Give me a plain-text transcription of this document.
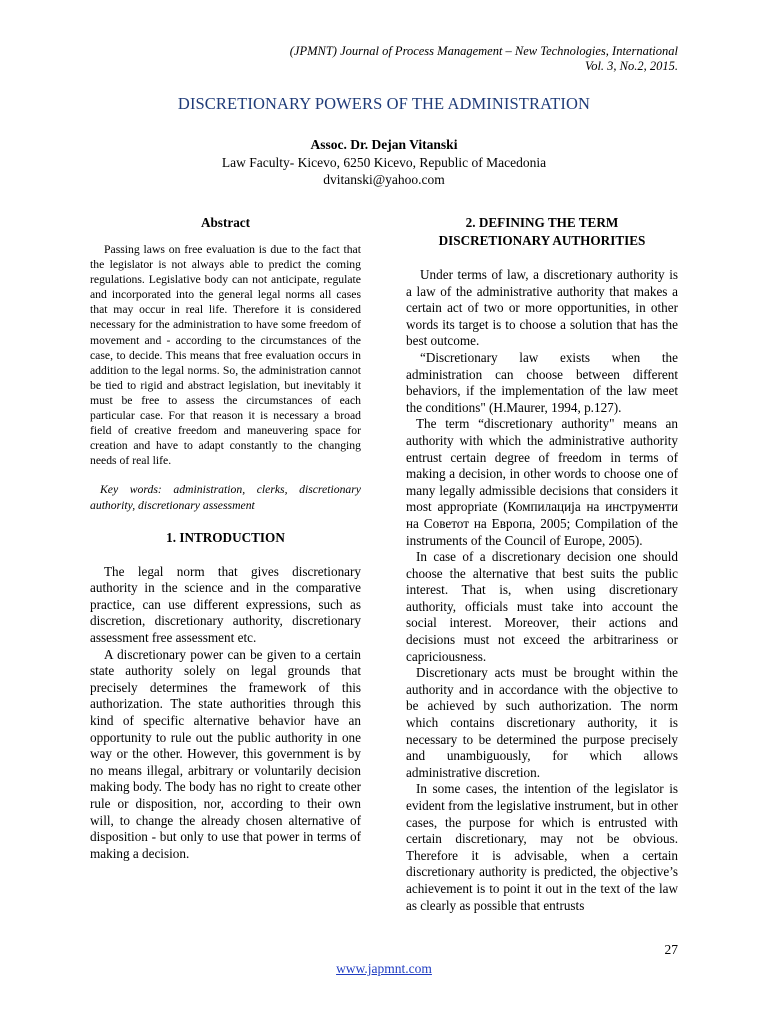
(JPMNT) Journal of Process Management – New Technologies, International
Vol. 3, No.2, 2015.
DISCRETIONARY POWERS OF THE ADMINISTRATION
Assoc. Dr. Dejan Vitanski
Law Faculty- Kicevo, 6250 Kicevo, Republic of Macedonia
dvitanski@yahoo.com
Abstract

Passing laws on free evaluation is due to the fact that the legislator is not always able to predict the coming regulations. Legislative body can not anticipate, regulate and incorporated into the general legal norms all cases that may occur in real life. Therefore it is considered necessary for the administration to have some freedom of movement and - according to the circumstances of the case, to decide. This means that free evaluation occurs in addition to the legal norms. So, the administration cannot be tied to rigid and abstract legislation, but inevitably it must be free to assess the circumstances of each particular case. For that reason it is necessary a broad field of creative freedom and maneuvering space for creation and have to adapt constantly to the changing needs of real life.

Key words: administration, clerks, discretionary authority, discretionary assessment

1. INTRODUCTION

The legal norm that gives discretionary authority in the science and in the comparative practice, can use different expressions, such as discretion, discretionary authority, discretionary assessment free assessment etc.

A discretionary power can be given to a certain state authority solely on legal grounds that precisely determines the framework of this authorization. The state authorities through this kind of specific alternative behavior have an opportunity to rule out the public authority in one way or the other. However, this government is by no means illegal, arbitrary or voluntarily decision making body. The body has no right to create other rule or disposition, nor, according to their own will, to change the already chosen alternative of disposition - but only to use that power in terms of making a decision.

2. DEFINING THE TERM
DISCRETIONARY AUTHORITIES

Under terms of law, a discretionary authority is a law of the administrative authority that makes a certain act of two or more opportunities, in other words its target is to choose a solution that has the best outcome.

“Discretionary law exists when the administration can choose between different behaviors, if the implementation of the law meet the conditions" (H.Maurer, 1994, p.127).

The term “discretionary authority" means an authority with which the administrative authority entrust certain degree of freedom in terms of making a decision, in other words to choose one of many legally admissible decisions that considers it most appropriate (Компилација на инструменти на Советот на Европа, 2005; Compilation of the instruments of the Council of Europe, 2005).

In case of a discretionary decision one should choose the alternative that best suits the public interest. That is, when using discretionary authority, officials must take into account the social interest. Moreover, their actions and decisions must not exceed the arbitrariness or capriciousness.

Discretionary acts must be brought within the authority and in accordance with the objective to be achieved by such authorization. The norm which contains discretionary authority, it is necessary to be determined the purpose precisely and unambiguously, for which allows administrative discretion.

In some cases, the intention of the legislator is evident from the legislative instrument, but in other cases, the purpose for which is entrusted with certain discretionary, may not be obvious. Therefore it is advisable, when a certain discretionary authority is predicted, the objective’s achievement is to point it out in the text of the law as clearly as possible that entrusts

27
www.japmnt.com
